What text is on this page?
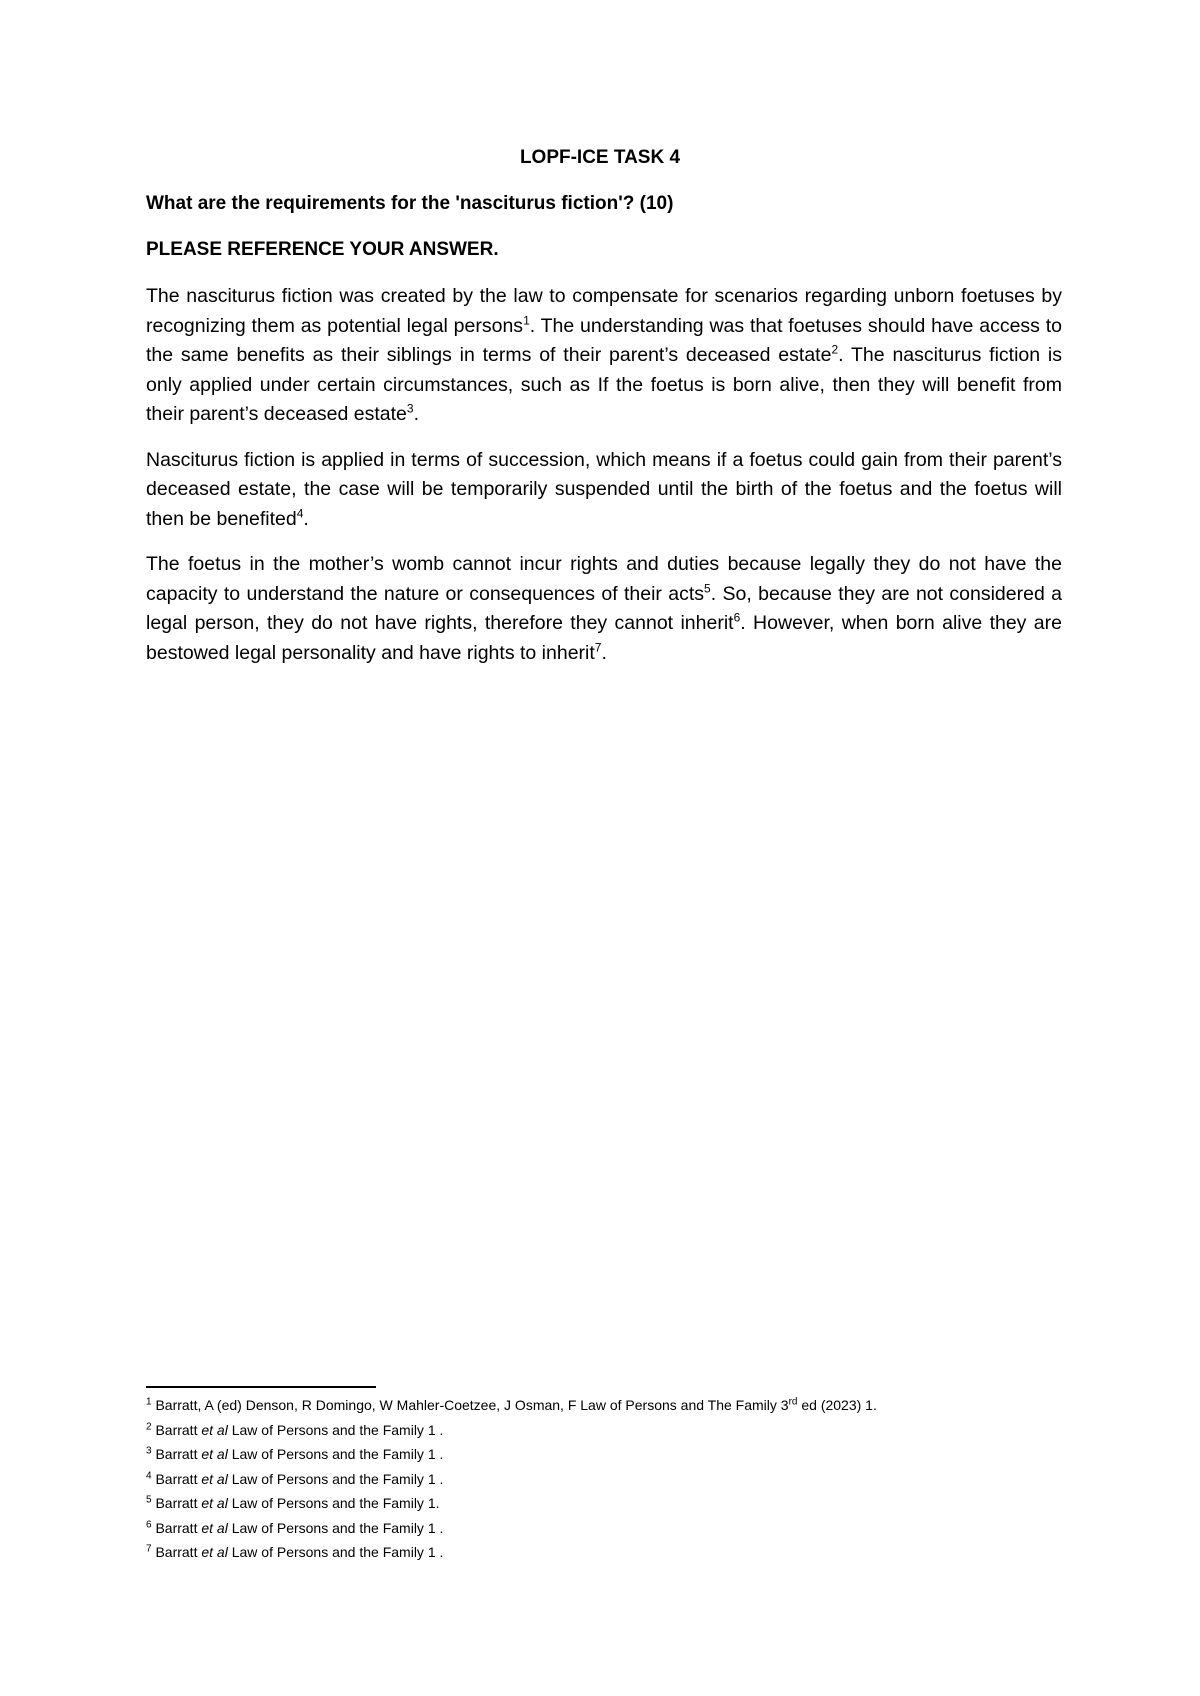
LOPF-ICE TASK 4
What are the requirements for the 'nasciturus fiction'? (10)
PLEASE REFERENCE YOUR ANSWER.

The nasciturus fiction was created by the law to compensate for scenarios regarding unborn foetuses by recognizing them as potential legal persons$^1$. The understanding was that foetuses should have access to the same benefits as their siblings in terms of their parent’s deceased estate$^2$. The nasciturus fiction is only applied under certain circumstances, such as If the foetus is born alive, then they will benefit from their parent’s deceased estate$^3$.

Nasciturus fiction is applied in terms of succession, which means if a foetus could gain from their parent’s deceased estate, the case will be temporarily suspended until the birth of the foetus and the foetus will then be benefited$^4$.

The foetus in the mother’s womb cannot incur rights and duties because legally they do not have the capacity to understand the nature or consequences of their acts$^5$. So, because they are not considered a legal person, they do not have rights, therefore they cannot inherit$^6$. However, when born alive they are bestowed legal personality and have rights to inherit$^7$.

$^1$ Barratt, A (ed) Denson, R Domingo, W Mahler-Coetzee, J Osman, F Law of Persons and The Family 3rd ed (2023) 1.
$^2$ Barratt et al Law of Persons and the Family 1 .
$^3$ Barratt et al Law of Persons and the Family 1 .
$^4$ Barratt et al Law of Persons and the Family 1 .
$^5$ Barratt et al Law of Persons and the Family 1.
$^6$ Barratt et al Law of Persons and the Family 1 .
$^7$ Barratt et al Law of Persons and the Family 1 .
